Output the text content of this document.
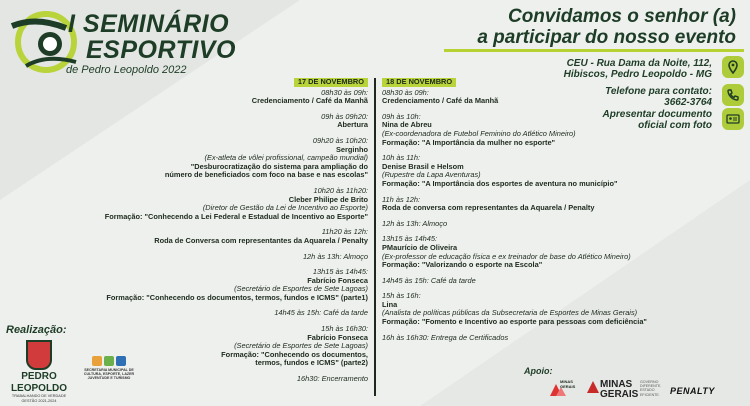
I SEMINÁRIO
ESPORTIVO
de Pedro Leopoldo 2022
Convidamos o senhor (a)
a participar do nosso evento
CEU - Rua Dama da Noite, 112,
Hibiscos, Pedro Leopoldo - MG
Telefone para contato:
3662-3764
Apresentar documento
oficial com foto
17 DE NOVEMBRO
08h30 às 09h:
Credenciamento / Café da Manhã
09h às 09h20:
Abertura
09h20 às 10h20:
Serginho
(Ex-atleta de vôlei profissional, campeão mundial)
"Desburocratização do sistema para ampliação do
número de beneficiados com foco na base e nas escolas"
10h20 às 11h20:
Cleber Philipe de Brito
(Diretor de Gestão da Lei de Incentivo ao Esporte)
Formação: "Conhecendo a Lei Federal e Estadual de Incentivo ao Esporte"
11h20 às 12h:
Roda de Conversa com representantes da Aquarela / Penalty
12h às 13h: Almoço
13h15 às 14h45:
Fabrício Fonseca
(Secretário de Esportes de Sete Lagoas)
Formação: "Conhecendo os documentos, termos, fundos e ICMS" (parte1)
14h45 às 15h: Café da tarde
15h às 16h30:
Fabrício Fonseca
(Secretário de Esportes de Sete Lagoas)
Formação: "Conhecendo os documentos,
termos, fundos e ICMS" (parte2)
16h30: Encerramento
18 DE NOVEMBRO
08h30 às 09h:
Credenciamento / Café da Manhã
09h às 10h:
Nina de Abreu
(Ex-coordenadora de Futebol Feminino do Atlético Mineiro)
Formação: "A Importância da mulher no esporte"
10h às 11h:
Denise Brasil e Helsom
(Rupestre da Lapa Aventuras)
Formação: "A Importância dos esportes de aventura no município"
11h às 12h:
Roda de conversa com representantes da Aquarela / Penalty
12h às 13h: Almoço
13h15 às 14h45:
PMaurício de Oliveira
(Ex-professor de educação física e ex treinador de base do Atlético Mineiro)
Formação: "Valorizando o esporte na Escola"
14h45 às 15h: Café da tarde
15h às 16h:
Lina
(Analista de políticas públicas da Subsecretaria de Esportes de Minas Gerais)
Formação: "Fomento e Incentivo ao esporte para pessoas com deficiência"
16h às 16h30: Entrega de Certificados
Realização:
PEDRO
LEOPOLDO
TRABALHANDO DE VERDADE
GESTÃO 2021-2024
SECRETARIA MUNICIPAL DE
CULTURA, ESPORTE, LAZER
JUVENTUDE E TURISMO
Apoio:
MINAS
GERAIS MINAS
GERAIS
GOVERNO
DIFERENTE.
ESTADO
EFICIENTE. PENALTY
